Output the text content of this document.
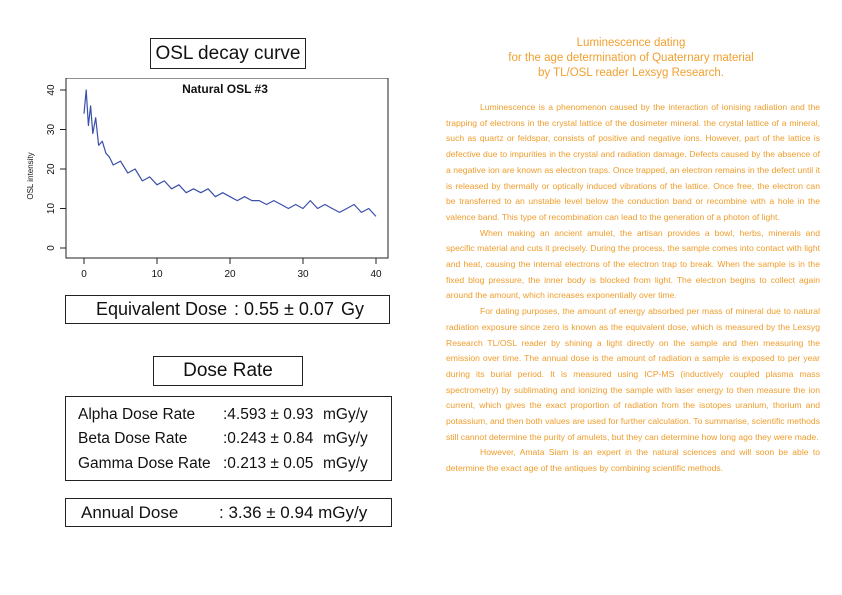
OSL decay curve
Natural OSL #3
0
10
20
30
40
0	10	20	30	40
OSL intensity
Equivalent Dose : 0.55 ± 0.07 Gy
Dose Rate
Alpha Dose Rate :4.593 ± 0.93 mGy/y
Beta Dose Rate :0.243 ± 0.84 mGy/y
Gamma Dose Rate :0.213 ± 0.05 mGy/y
Annual Dose : 3.36 ± 0.94 mGy/y
Luminescence dating
for the age determination of Quaternary material
by TL/OSL reader Lexsyg Research.

Luminescence is a phenomenon caused by the interaction of ionising radiation and the trapping of electrons in the crystal lattice of the dosimeter mineral. the crystal lattice of a mineral, such as quartz or feldspar, consists of positive and negative ions. However, part of the lattice is defective due to impurities in the crystal and radiation damage. Defects caused by the absence of a negative ion are known as electron traps. Once trapped, an electron remains in the defect until it is released by thermally or optically induced vibrations of the lattice. Once free, the electron can be transferred to an unstable level below the conduction band or recombine with a hole in the valence band. This type of recombination can lead to the generation of a photon of light.

When making an ancient amulet, the artisan provides a bowl, herbs, minerals and specific material and cuts it precisely. During the process, the sample comes into contact with light and heat, causing the internal electrons of the electron trap to break. When the sample is in the fixed blog pressure, the inner body is blocked from light. The electron begins to collect again around the amount, which increases exponentially over time.

For dating purposes, the amount of energy absorbed per mass of mineral due to natural radiation exposure since zero is known as the equivalent dose, which is measured by the Lexsyg Research TL/OSL reader by shining a light directly on the sample and then measuring the emission over time. The annual dose is the amount of radiation a sample is exposed to per year during its burial period. It is measured using ICP-MS (inductively coupled plasma mass spectrometry) by sublimating and ionizing the sample with laser energy to then measure the ion current, which gives the exact proportion of radiation from the isotopes uranium, thorium and potassium, and then both values are used for further calculation. To summarise, scientific methods still cannot determine the purity of amulets, but they can determine how long ago they were made.

However, Amata Siam is an expert in the natural sciences and will soon be able to determine the exact age of the antiques by combining scientific methods.
